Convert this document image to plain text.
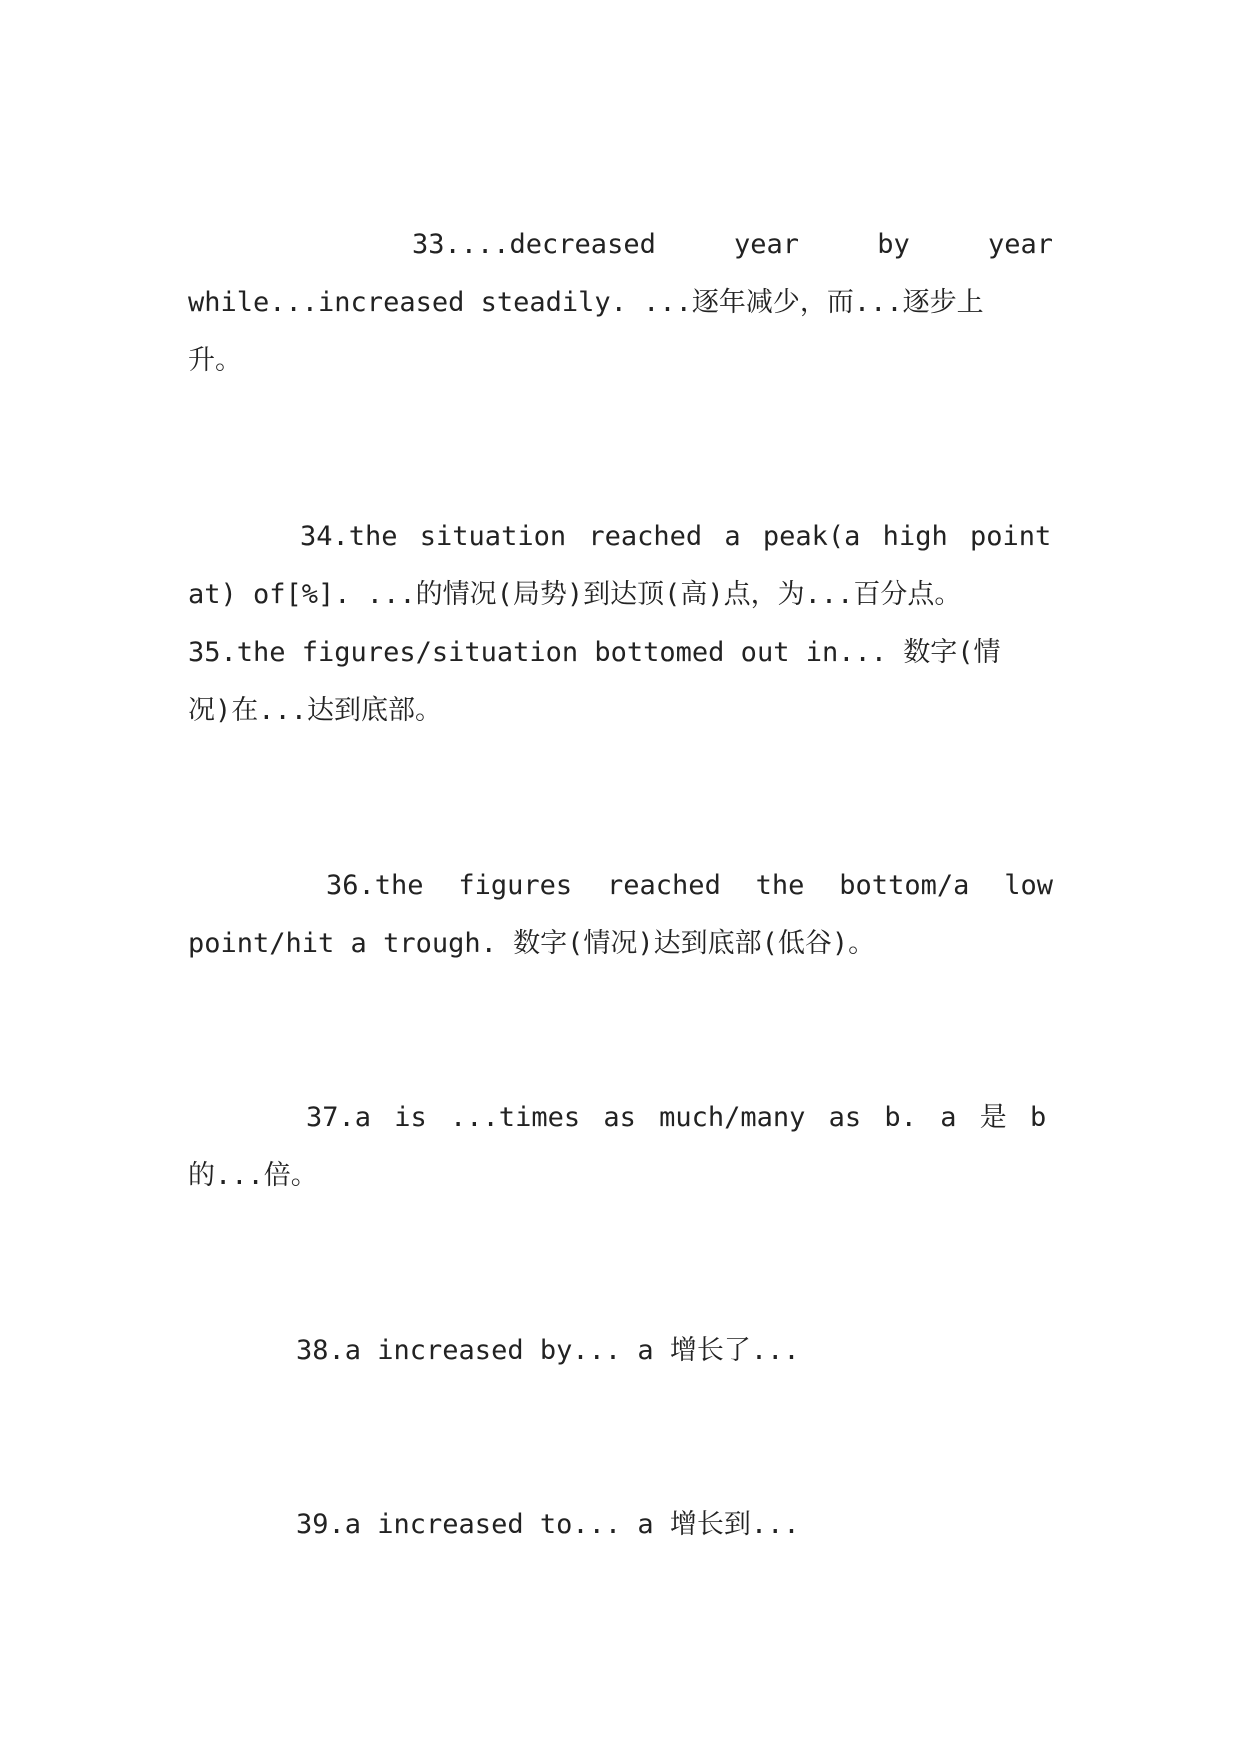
33....decreased	year	by	year
while...increased steadily. ...逐年减少，而...逐步上
升。
34.the situation reached a peak(a high point
at) of[%]. ...的情况(局势)到达顶(高)点，为...百分点。
35.the figures/situation bottomed out in... 数字(情
况)在...达到底部。
36.the figures reached the bottom/a low
point/hit a trough. 数字(情况)达到底部(低谷)。
37.a is ...times as much/many as b. a 是 b
的...倍。
38.a increased by... a 增长了...
39.a increased to... a 增长到...
